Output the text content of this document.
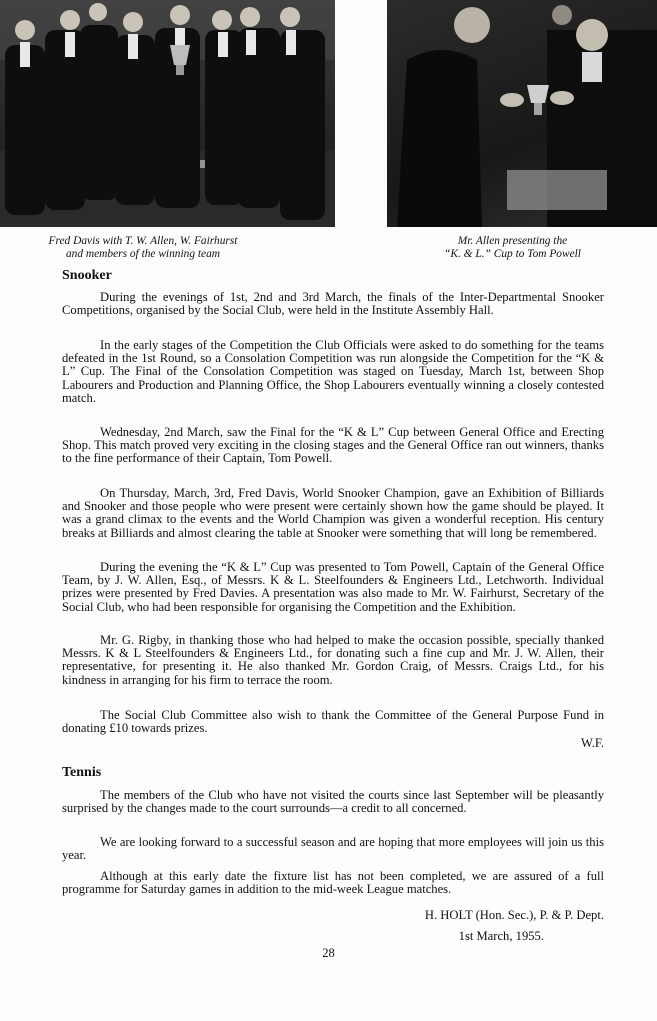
Fred Davis with T. W. Allen, W. Fairhurst
and members of the winning team
Mr. Allen presenting the
“K. & L.” Cup to Tom Powell
Snooker

During the evenings of 1st, 2nd and 3rd March, the finals of the Inter-Departmental Snooker Competitions, organised by the Social Club, were held in the Institute Assembly Hall.

In the early stages of the Competition the Club Officials were asked to do something for the teams defeated in the 1st Round, so a Consolation Competition was run alongside the Competition for the “K & L” Cup. The Final of the Consolation Competition was staged on Tuesday, March 1st, between Shop Labourers and Production and Planning Office, the Shop Labourers eventually winning a closely contested match.

Wednesday, 2nd March, saw the Final for the “K & L” Cup between General Office and Erecting Shop. This match proved very exciting in the closing stages and the General Office ran out winners, thanks to the fine performance of their Captain, Tom Powell.

On Thursday, March, 3rd, Fred Davis, World Snooker Champion, gave an Exhibition of Billiards and Snooker and those people who were present were certainly shown how the game should be played. It was a grand climax to the events and the World Champion was given a wonderful reception. His century breaks at Billiards and almost clearing the table at Snooker were something that will long be remembered.

During the evening the “K & L” Cup was presented to Tom Powell, Captain of the General Office Team, by J. W. Allen, Esq., of Messrs. K & L. Steelfounders & Engineers Ltd., Letchworth. Individual prizes were presented by Fred Davies. A presentation was also made to Mr. W. Fairhurst, Secretary of the Social Club, who had been responsible for organising the Competition and the Exhibition.

Mr. G. Rigby, in thanking those who had helped to make the occasion possible, specially thanked Messrs. K & L Steelfounders & Engineers Ltd., for donating such a fine cup and Mr. J. W. Allen, their representative, for presenting it. He also thanked Mr. Gordon Craig, of Messrs. Craigs Ltd., for his kindness in arranging for his firm to terrace the room.

The Social Club Committee also wish to thank the Committee of the General Purpose Fund in donating £10 towards prizes.

W.F.
Tennis

The members of the Club who have not visited the courts since last September will be pleasantly surprised by the changes made to the court surrounds—a credit to all concerned.

We are looking forward to a successful season and are hoping that more employees will join us this year.

Although at this early date the fixture list has not been completed, we are assured of a full programme for Saturday games in addition to the mid-week League matches.

H. HOLT (Hon. Sec.), P. & P. Dept.
1st March, 1955.
28
